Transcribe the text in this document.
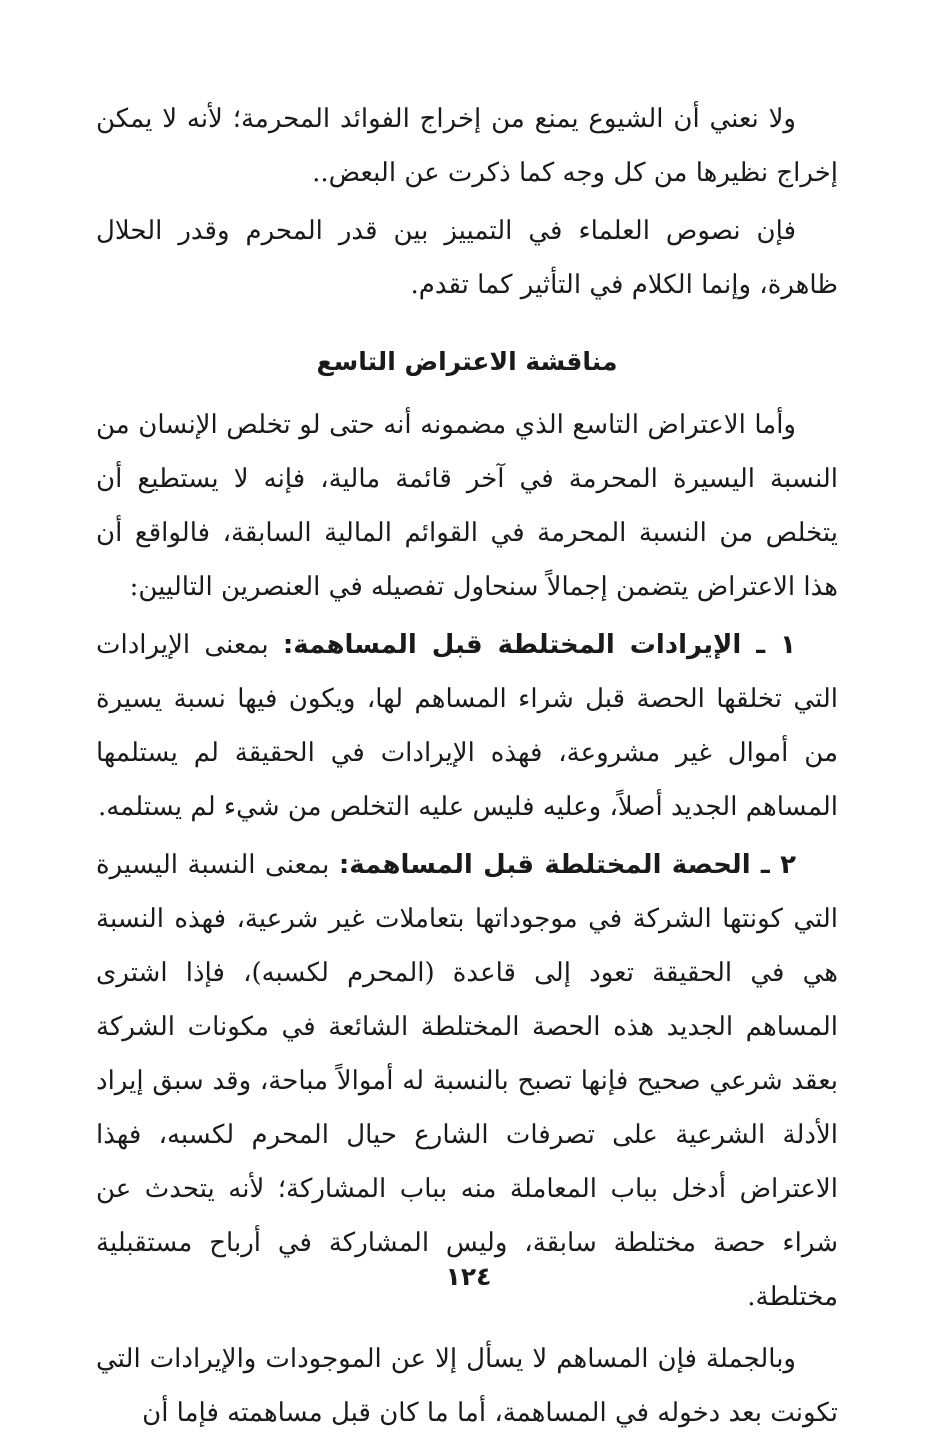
ولا نعني أن الشيوع يمنع من إخراج الفوائد المحرمة؛ لأنه لا يمكن إخراج نظيرها من كل وجه كما ذكرت عن البعض..

فإن نصوص العلماء في التمييز بين قدر المحرم وقدر الحلال ظاهرة، وإنما الكلام في التأثير كما تقدم.

مناقشة الاعتراض التاسع

وأما الاعتراض التاسع الذي مضمونه أنه حتى لو تخلص الإنسان من النسبة اليسيرة المحرمة في آخر قائمة مالية، فإنه لا يستطيع أن يتخلص من النسبة المحرمة في القوائم المالية السابقة، فالواقع أن هذا الاعتراض يتضمن إجمالاً سنحاول تفصيله في العنصرين التاليين:

١ ـ الإيرادات المختلطة قبل المساهمة: بمعنى الإيرادات التي تخلقها الحصة قبل شراء المساهم لها، ويكون فيها نسبة يسيرة من أموال غير مشروعة، فهذه الإيرادات في الحقيقة لم يستلمها المساهم الجديد أصلاً، وعليه فليس عليه التخلص من شيء لم يستلمه.

٢ ـ الحصة المختلطة قبل المساهمة: بمعنى النسبة اليسيرة التي كونتها الشركة في موجوداتها بتعاملات غير شرعية، فهذه النسبة هي في الحقيقة تعود إلى قاعدة (المحرم لكسبه)، فإذا اشترى المساهم الجديد هذه الحصة المختلطة الشائعة في مكونات الشركة بعقد شرعي صحيح فإنها تصبح بالنسبة له أموالاً مباحة، وقد سبق إيراد الأدلة الشرعية على تصرفات الشارع حيال المحرم لكسبه، فهذا الاعتراض أدخل بباب المعاملة منه بباب المشاركة؛ لأنه يتحدث عن شراء حصة مختلطة سابقة، وليس المشاركة في أرباح مستقبلية مختلطة.

وبالجملة فإن المساهم لا يسأل إلا عن الموجودات والإيرادات التي تكونت بعد دخوله في المساهمة، أما ما كان قبل مساهمته فإما أن

١٢٤
